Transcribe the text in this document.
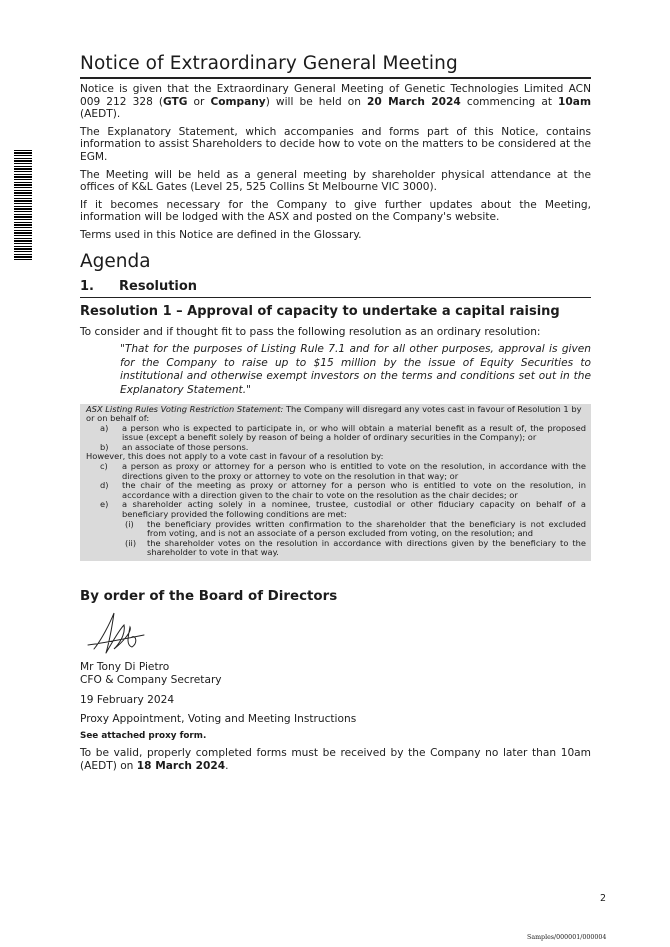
Notice of Extraordinary General Meeting

Notice is given that the Extraordinary General Meeting of Genetic Technologies Limited ACN 009 212 328 (GTG or Company) will be held on 20 March 2024 commencing at 10am (AEDT).

The Explanatory Statement, which accompanies and forms part of this Notice, contains information to assist Shareholders to decide how to vote on the matters to be considered at the EGM.

The Meeting will be held as a general meeting by shareholder physical attendance at the offices of K&L Gates (Level 25, 525 Collins St Melbourne VIC 3000).

If it becomes necessary for the Company to give further updates about the Meeting, information will be lodged with the ASX and posted on the Company's website.

Terms used in this Notice are defined in the Glossary.

Agenda
1.	Resolution
Resolution 1 – Approval of capacity to undertake a capital raising

To consider and if thought fit to pass the following resolution as an ordinary resolution:

"That for the purposes of Listing Rule 7.1 and for all other purposes, approval is given for the Company to raise up to $15 million by the issue of Equity Securities to institutional and otherwise exempt investors on the terms and conditions set out in the Explanatory Statement."

ASX Listing Rules Voting Restriction Statement: The Company will disregard any votes cast in favour of Resolution 1 by or on behalf of:
a)	a person who is expected to participate in, or who will obtain a material benefit as a result of, the proposed issue (except a benefit solely by reason of being a holder of ordinary securities in the Company); or
b)	an associate of those persons.
However, this does not apply to a vote cast in favour of a resolution by:
c)	a person as proxy or attorney for a person who is entitled to vote on the resolution, in accordance with the directions given to the proxy or attorney to vote on the resolution in that way; or
d)	the chair of the meeting as proxy or attorney for a person who is entitled to vote on the resolution, in accordance with a direction given to the chair to vote on the resolution as the chair decides; or
e)	a shareholder acting solely in a nominee, trustee, custodial or other fiduciary capacity on behalf of a beneficiary provided the following conditions are met:
(i)	the beneficiary provides written confirmation to the shareholder that the beneficiary is not excluded from voting, and is not an associate of a person excluded from voting, on the resolution; and
(ii)	the shareholder votes on the resolution in accordance with directions given by the beneficiary to the shareholder to vote in that way.
By order of the Board of Directors

Mr Tony Di Pietro

CFO & Company Secretary

19 February 2024

Proxy Appointment, Voting and Meeting Instructions

See attached proxy form.

To be valid, properly completed forms must be received by the Company no later than 10am (AEDT) on 18 March 2024.

2
Samples/000001/000004
